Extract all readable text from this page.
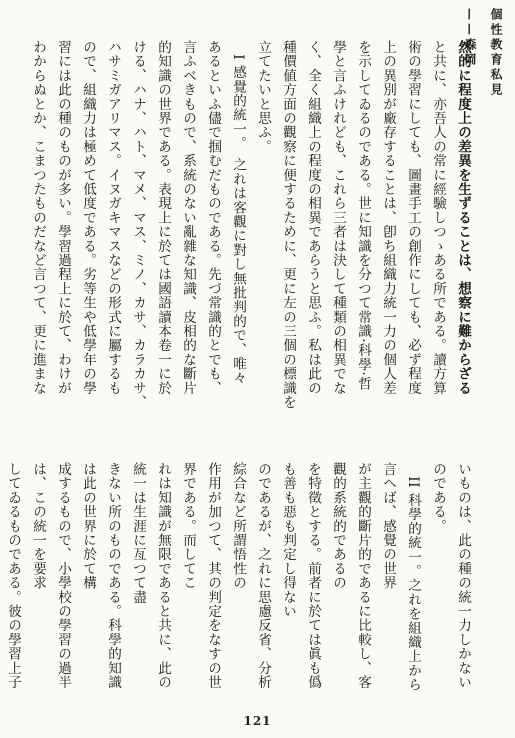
個性教育私見——森岡

然的に程度上の差異を生ずることは、想察に難からざる

と共に、亦吾人の常に經驗しつゝある所である。讀方算

術の學習にしても、圖畫手工の創作にしても、必ず程度

上の異別が廠存することは、卽ち組織力統一力の個人差

を示してゐるのである。世に知識を分つて常識·科學·哲

學と言ふけれども、これら三者は決して種類の相異でな

く、全く組織上の程度の相異であらうと思ふ。私は此の

種價値方面の觀察に便するために、更に左の三個の標識を

立てたいと思ふ。

　I 感覺的統一。　之れは客觀に對し無批判的で、唯々

あるといふ儘で掴むだものである。先づ常識的とでも、

言ふべきもので、系統のない亂雜な知識、皮相的な斷片

的知識の世界である。表現上に於ては國語讀本卷一に於

ける、ハナ、ハト、マメ、マス、ミノ、カサ、カラカサ、

ハサミガアリマス。イヌガキマスなどの形式に屬するも

ので、組織力は極めて低度である。劣等生や低學年の學

習には此の種のものが多い。學習過程上に於て、わけが

わからぬとか、こまつたものだなど言つて、更に進まな

いものは、此の種の統一力しかないのである。

　II 科學的統一。之れを組織上から言へば、感覺の世界

が主觀的斷片的であるに比較し、客觀的系統的であるの

を特徵とする。前者に於ては眞も僞も善も惡も判定し得ない

のであるが、之れに思慮反省、分析綜合など所謂悟性の

作用が加つて、其の判定をなすの世界である。而してこ

れは知識が無限であると共に、此の統一は生涯に亙つて盡

きない所のものである。科學的知識は此の世界に於て構

成するもので、小學校の學習の過半は、この統一を要求

してゐるものである。彼の學習上子

121
